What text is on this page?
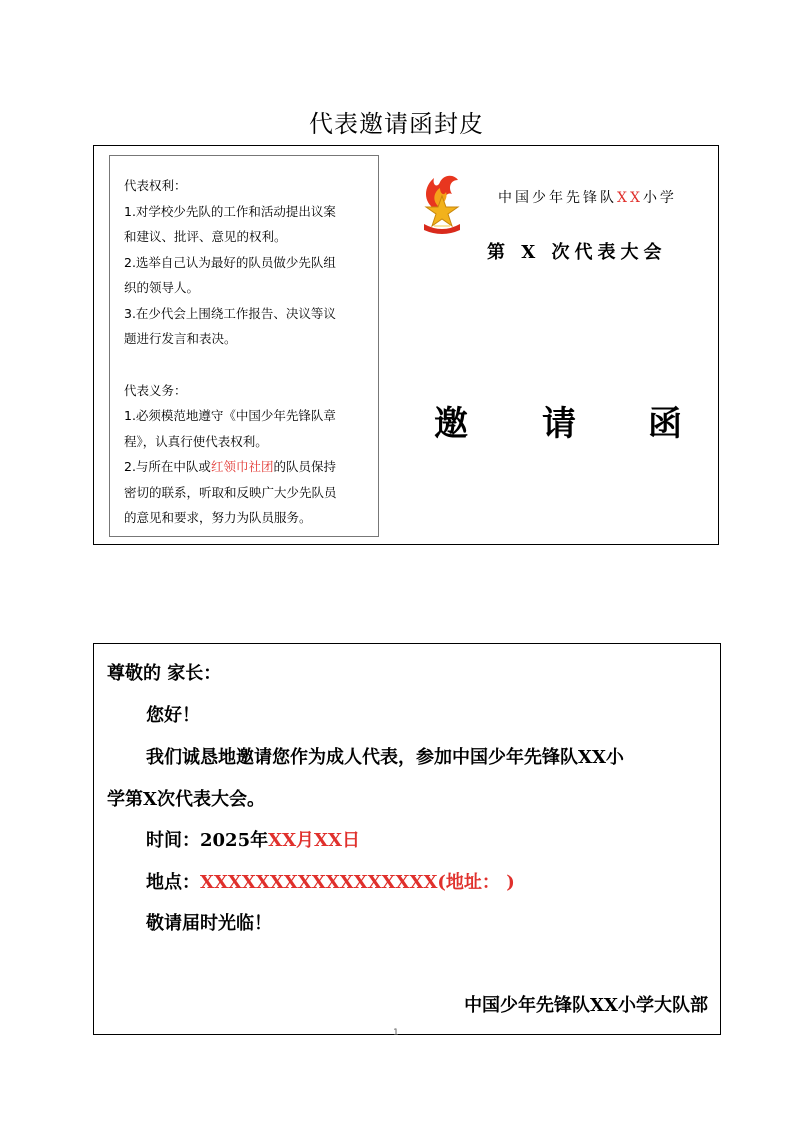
代表邀请函封皮

代表权利：

1.对学校少先队的工作和活动提出议案

和建议、批评、意见的权利。

2.选举自己认为最好的队员做少先队组

织的领导人。

3.在少代会上围绕工作报告、决议等议

题进行发言和表决。

代表义务：

1.必须模范地遵守《中国少年先锋队章

程》，认真行使代表权利。

2.与所在中队或红领巾社团的队员保持

密切的联系，听取和反映广大少先队员

的意见和要求，努力为队员服务。

中国少年先锋队XX小学
第 X 次代表大会
邀 请 函
尊敬的 家长：
您好！
我们诚恳地邀请您作为成人代表，参加中国少年先锋队XX小
学第X次代表大会。
时间：2025年XX月XX日
地点：XXXXXXXXXXXXXXXXX(地址： )
敬请届时光临！
中国少年先锋队XX小学大队部
1
